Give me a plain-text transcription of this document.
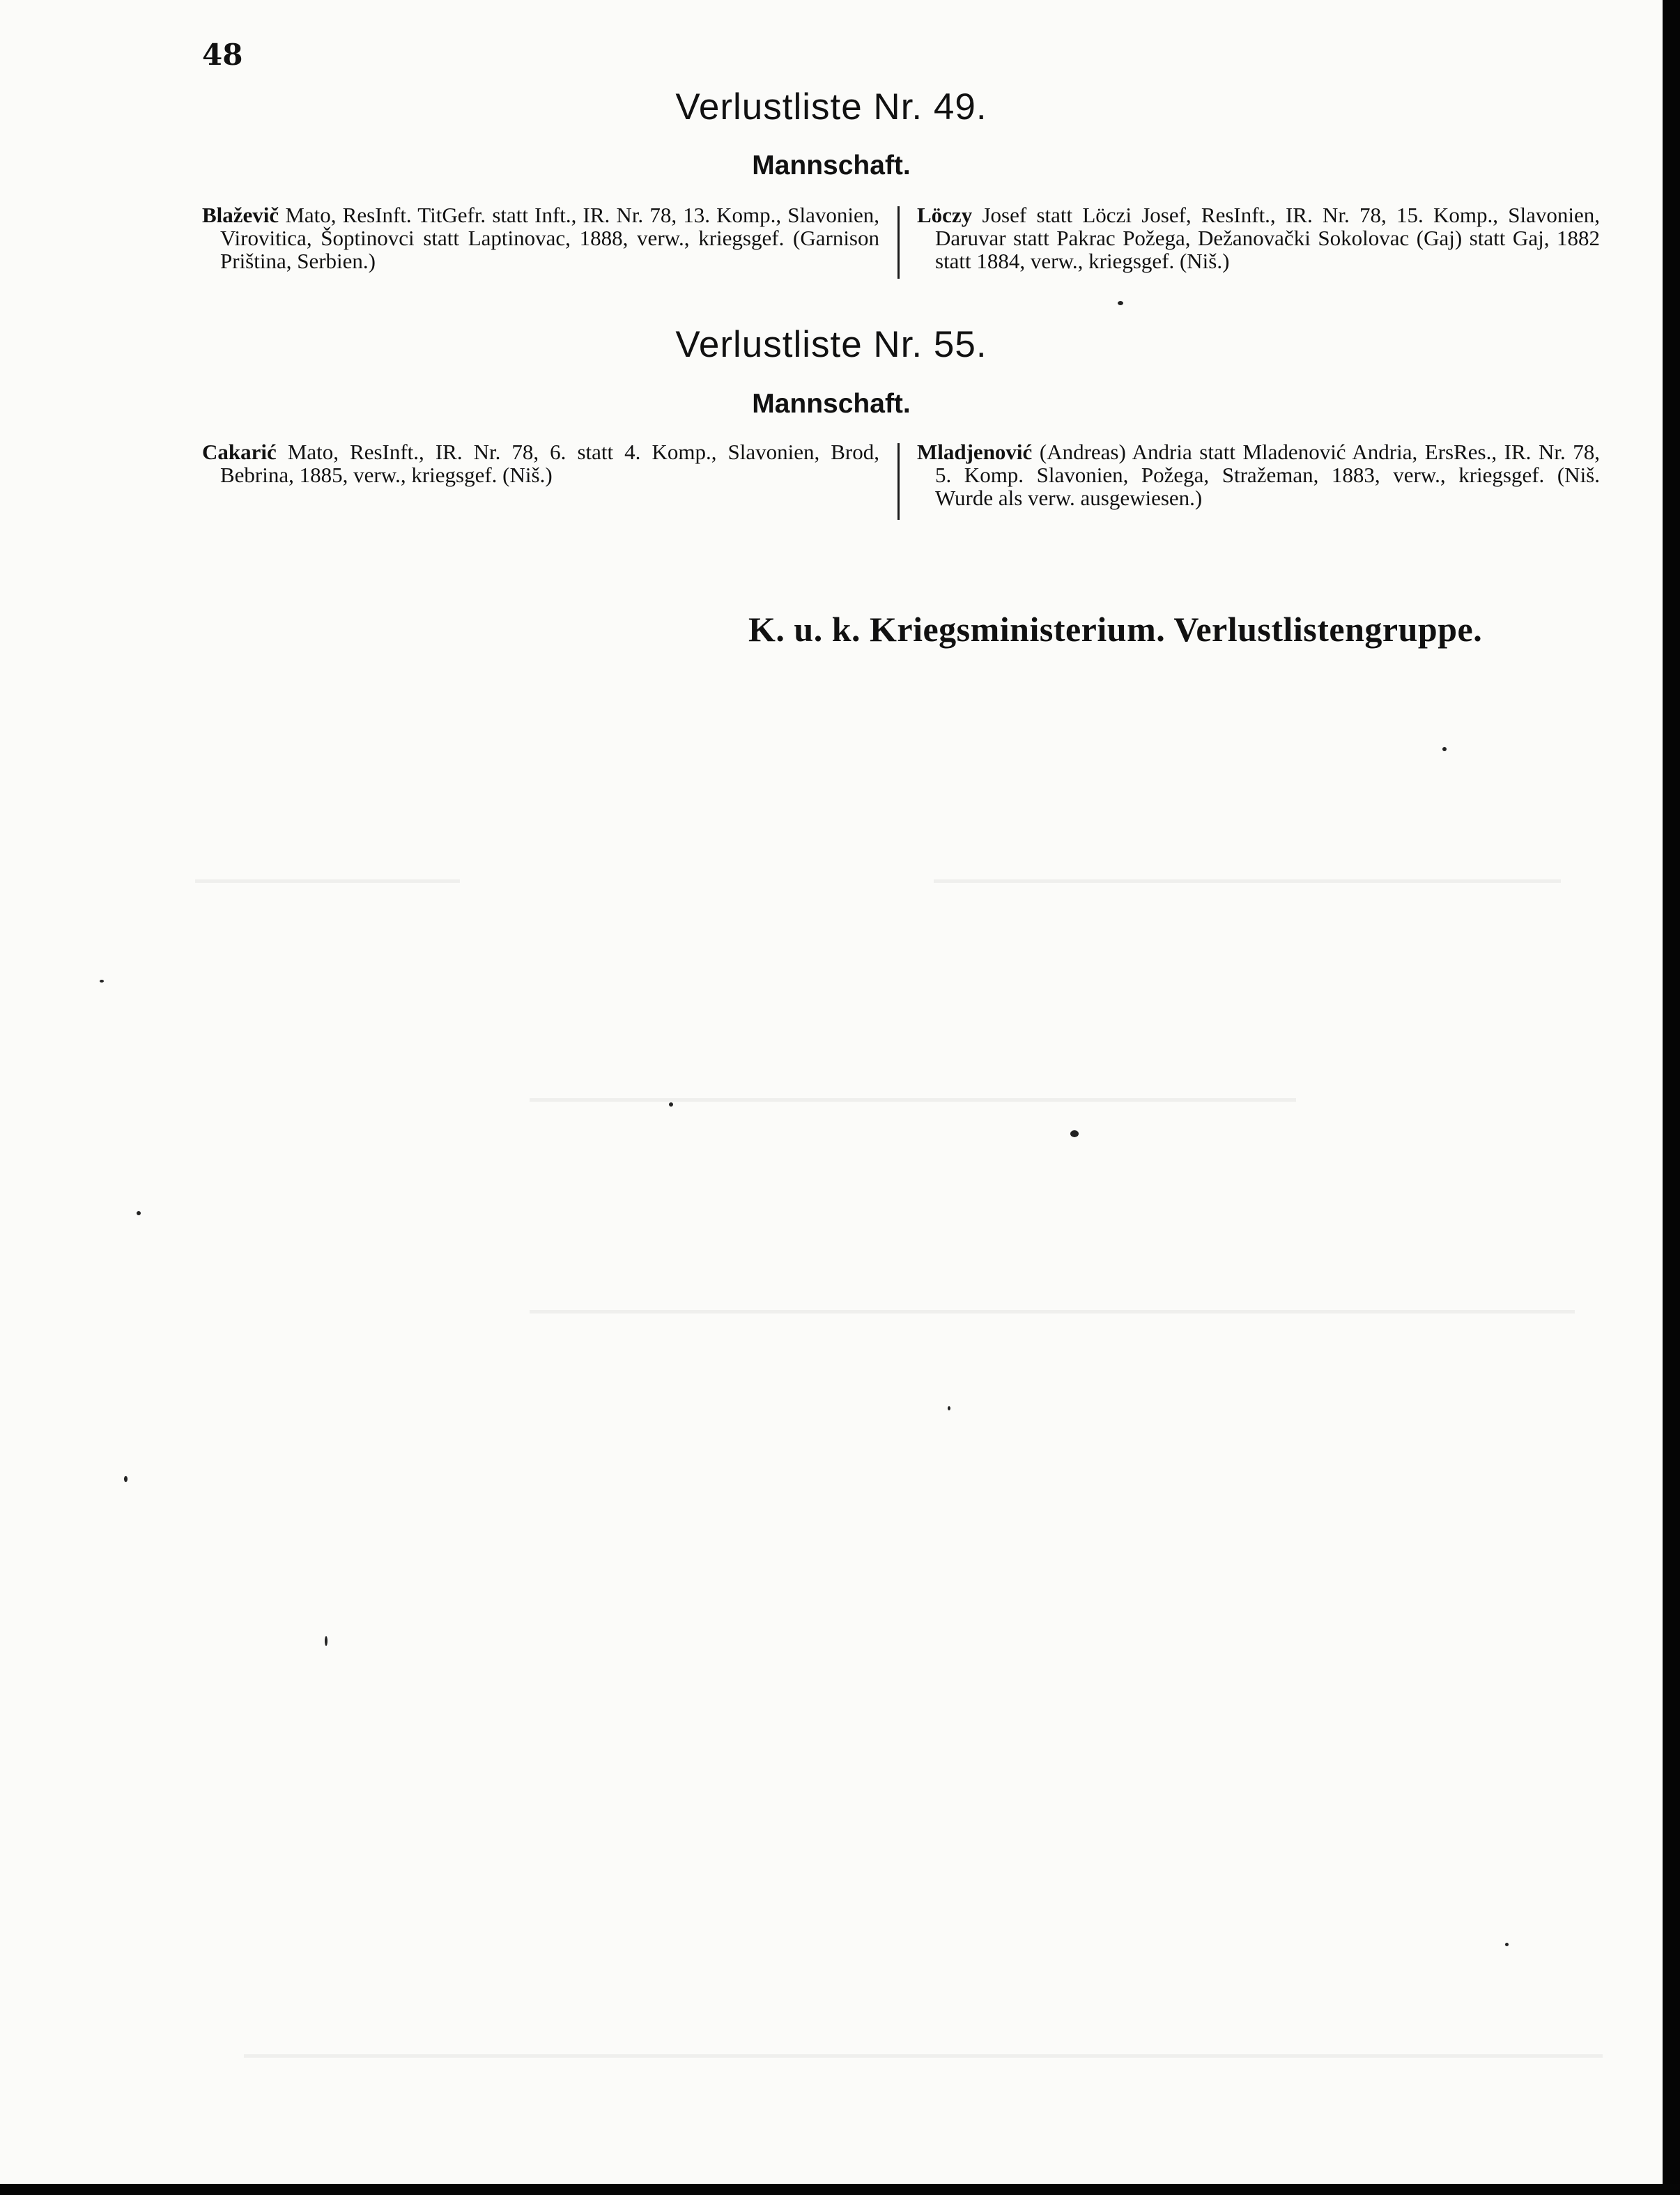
48
Verlustliste Nr. 49.
Mannschaft.

Blaževič Mato, ResInft. TitGefr. statt Inft., IR. Nr. 78, 13. Komp., Slavonien, Virovitica, Šoptinovci statt Laptinovac, 1888, verw., kriegsgef. (Garnison Priština, Serbien.)

Löczy Josef statt Löczi Josef, ResInft., IR. Nr. 78, 15. Komp., Slavonien, Daruvar statt Pakrac Požega, Dežanovački Sokolovac (Gaj) statt Gaj, 1882 statt 1884, verw., kriegsgef. (Niš.)

Verlustliste Nr. 55.
Mannschaft.

Cakarić Mato, ResInft., IR. Nr. 78, 6. statt 4. Komp., Slavonien, Brod, Bebrina, 1885, verw., kriegsgef. (Niš.)

Mladjenović (Andreas) Andria statt Mladenović Andria, ErsRes., IR. Nr. 78, 5. Komp. Slavonien, Požega, Stražeman, 1883, verw., kriegsgef. (Niš. Wurde als verw. ausgewiesen.)

K. u. k. Kriegsministerium. Verlustlistengruppe.
